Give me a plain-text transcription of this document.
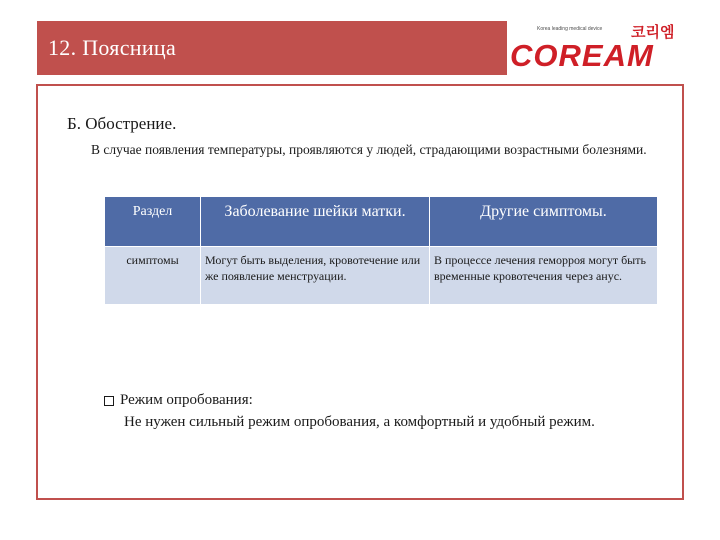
12. Поясница
Korea leading medical device 코리엠
COREAM
Б. Обострение.
В случае появления температуры, проявляются у людей, страдающими возрастными болезнями.
Раздел	Заболевание шейки матки.	Другие симптомы.
симптомы	Могут быть выделения, кровотечение или же появление менструации.	В процессе лечения геморроя могут быть временные кровотечения через анус.
Режим опробования:
Не нужен сильный режим опробования, а комфортный и удобный режим.
